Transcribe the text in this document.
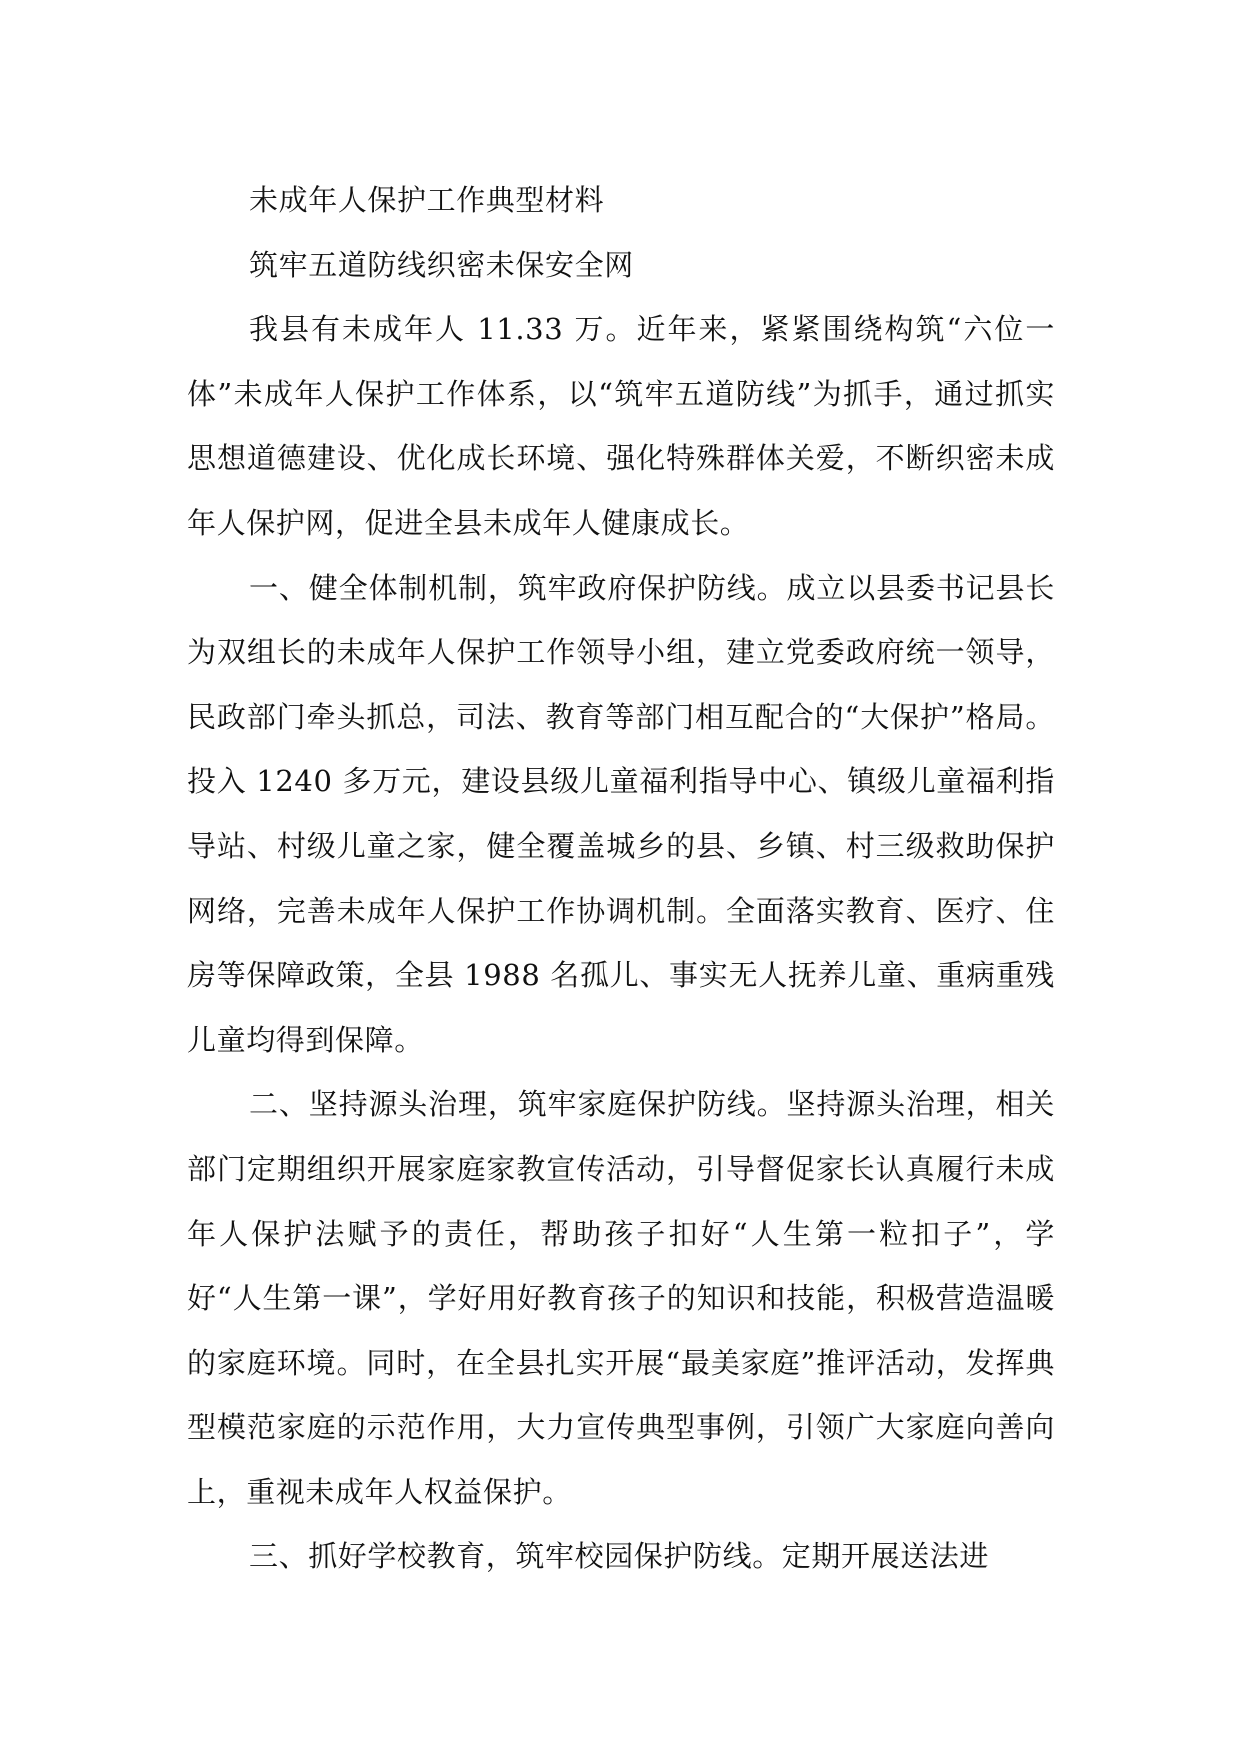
未成年人保护工作典型材料

筑牢五道防线织密未保安全网

我县有未成年人 11.33 万。近年来，紧紧围绕构筑“六位一体”未成年人保护工作体系，以“筑牢五道防线”为抓手，通过抓实思想道德建设、优化成长环境、强化特殊群体关爱，不断织密未成年人保护网，促进全县未成年人健康成长。

一、健全体制机制，筑牢政府保护防线。成立以县委书记县长为双组长的未成年人保护工作领导小组，建立党委政府统一领导，民政部门牵头抓总，司法、教育等部门相互配合的“大保护”格局。投入 1240 多万元，建设县级儿童福利指导中心、镇级儿童福利指导站、村级儿童之家，健全覆盖城乡的县、乡镇、村三级救助保护网络，完善未成年人保护工作协调机制。全面落实教育、医疗、住房等保障政策，全县 1988 名孤儿、事实无人抚养儿童、重病重残儿童均得到保障。

二、坚持源头治理，筑牢家庭保护防线。坚持源头治理，相关部门定期组织开展家庭家教宣传活动，引导督促家长认真履行未成年人保护法赋予的责任，帮助孩子扣好“人生第一粒扣子”，学好“人生第一课”，学好用好教育孩子的知识和技能，积极营造温暖的家庭环境。同时，在全县扎实开展“最美家庭”推评活动，发挥典型模范家庭的示范作用，大力宣传典型事例，引领广大家庭向善向上，重视未成年人权益保护。

三、抓好学校教育，筑牢校园保护防线。定期开展送法进
